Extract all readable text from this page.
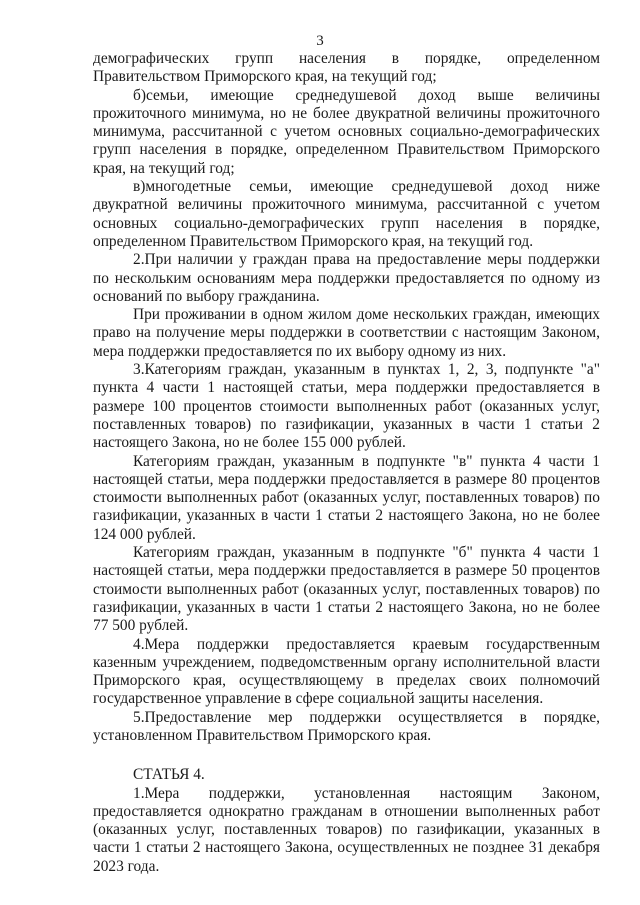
3

демографических групп населения в порядке, определенном Правительством Приморского края, на текущий год;

б)семьи, имеющие среднедушевой доход выше величины прожиточного минимума, но не более двукратной величины прожиточного минимума, рассчитанной с учетом основных социально-демографических групп населения в порядке, определенном Правительством Приморского края, на текущий год;

в)многодетные семьи, имеющие среднедушевой доход ниже двукратной величины прожиточного минимума, рассчитанной с учетом основных социально-демографических групп населения в порядке, определенном Правительством Приморского края, на текущий год.

2.При наличии у граждан права на предоставление меры поддержки по нескольким основаниям мера поддержки предоставляется по одному из оснований по выбору гражданина.

При проживании в одном жилом доме нескольких граждан, имеющих право на получение меры поддержки в соответствии с настоящим Законом, мера поддержки предоставляется по их выбору одному из них.

3.Категориям граждан, указанным в пунктах 1, 2, 3, подпункте "а" пункта 4 части 1 настоящей статьи, мера поддержки предоставляется в размере 100 процентов стоимости выполненных работ (оказанных услуг, поставленных товаров) по газификации, указанных в части 1 статьи 2 настоящего Закона, но не более 155 000 рублей.

Категориям граждан, указанным в подпункте "в" пункта 4 части 1 настоящей статьи, мера поддержки предоставляется в размере 80 процентов стоимости выполненных работ (оказанных услуг, поставленных товаров) по газификации, указанных в части 1 статьи 2 настоящего Закона, но не более 124 000 рублей.

Категориям граждан, указанным в подпункте "б" пункта 4 части 1 настоящей статьи, мера поддержки предоставляется в размере 50 процентов стоимости выполненных работ (оказанных услуг, поставленных товаров) по газификации, указанных в части 1 статьи 2 настоящего Закона, но не более 77 500 рублей.

4.Мера поддержки предоставляется краевым государственным казенным учреждением, подведомственным органу исполнительной власти Приморского края, осуществляющему в пределах своих полномочий государственное управление в сфере социальной защиты населения.

5.Предоставление мер поддержки осуществляется в порядке, установленном Правительством Приморского края.

СТАТЬЯ 4.

1.Мера поддержки, установленная настоящим Законом, предоставляется однократно гражданам в отношении выполненных работ (оказанных услуг, поставленных товаров) по газификации, указанных в части 1 статьи 2 настоящего Закона, осуществленных не позднее 31 декабря 2023 года.
